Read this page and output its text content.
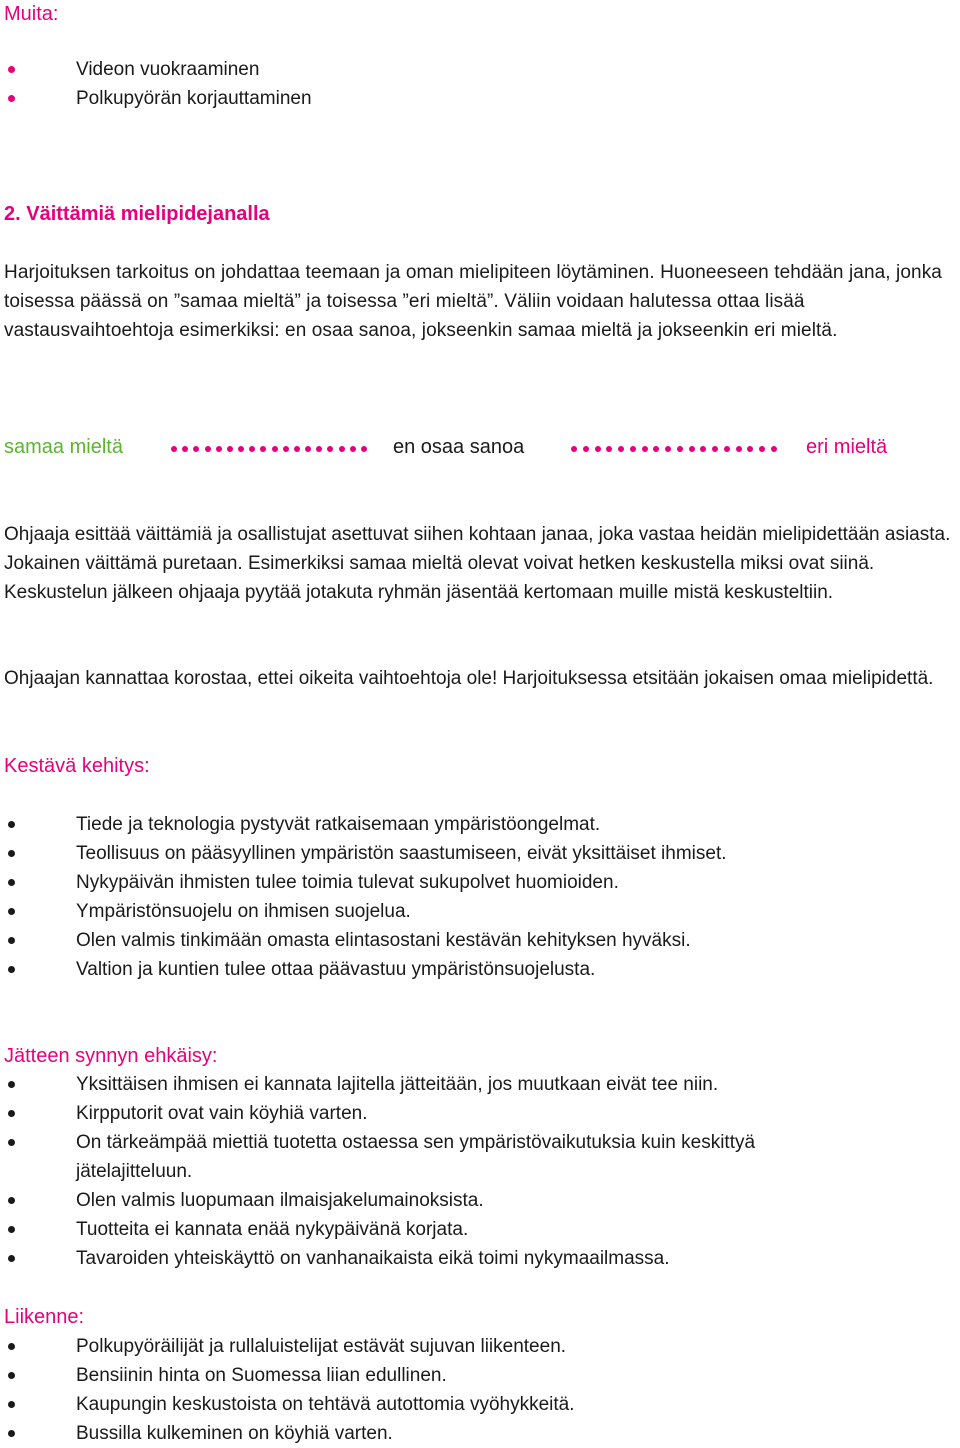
Muita:
Videon vuokraaminen
Polkupyörän korjauttaminen
2. Väittämiä mielipidejanalla
Harjoituksen tarkoitus on johdattaa teemaan ja oman mielipiteen löytäminen. Huoneeseen tehdään jana, jonka toisessa päässä on ”samaa mieltä” ja toisessa ”eri mieltä”. Väliin voidaan halutessa ottaa lisää vastausvaihtoehtoja esimerkiksi: en osaa sanoa, jokseenkin samaa mieltä ja jokseenkin eri mieltä.
samaa mieltä	en osaa sanoa	eri mieltä
Ohjaaja esittää väittämiä ja osallistujat asettuvat siihen kohtaan janaa, joka vastaa heidän mielipidettään asiasta. Jokainen väittämä puretaan. Esimerkiksi samaa mieltä olevat voivat hetken keskustella miksi ovat siinä. Keskustelun jälkeen ohjaaja pyytää jotakuta ryhmän jäsentää kertomaan muille mistä keskusteltiin.
Ohjaajan kannattaa korostaa, ettei oikeita vaihtoehtoja ole! Harjoituksessa etsitään jokaisen omaa mielipidettä.
Kestävä kehitys:
Tiede ja teknologia pystyvät ratkaisemaan ympäristöongelmat.
Teollisuus on pääsyyllinen ympäristön saastumiseen, eivät yksittäiset ihmiset.
Nykypäivän ihmisten tulee toimia tulevat sukupolvet huomioiden.
Ympäristönsuojelu on ihmisen suojelua.
Olen valmis tinkimään omasta elintasostani kestävän kehityksen hyväksi.
Valtion ja kuntien tulee ottaa päävastuu ympäristönsuojelusta.
Jätteen synnyn ehkäisy:
Yksittäisen ihmisen ei kannata lajitella jätteitään, jos muutkaan eivät tee niin.
Kirpputorit ovat vain köyhiä varten.
On tärkeämpää miettiä tuotetta ostaessa sen ympäristövaikutuksia kuin keskittyä jätelajitteluun.
Olen valmis luopumaan ilmaisjakelumainoksista.
Tuotteita ei kannata enää nykypäivänä korjata.
Tavaroiden yhteiskäyttö on vanhanaikaista eikä toimi nykymaailmassa.
Liikenne:
Polkupyöräilijät ja rullaluistelijat estävät sujuvan liikenteen.
Bensiinin hinta on Suomessa liian edullinen.
Kaupungin keskustoista on tehtävä autottomia vyöhykkeitä.
Bussilla kulkeminen on köyhiä varten.
